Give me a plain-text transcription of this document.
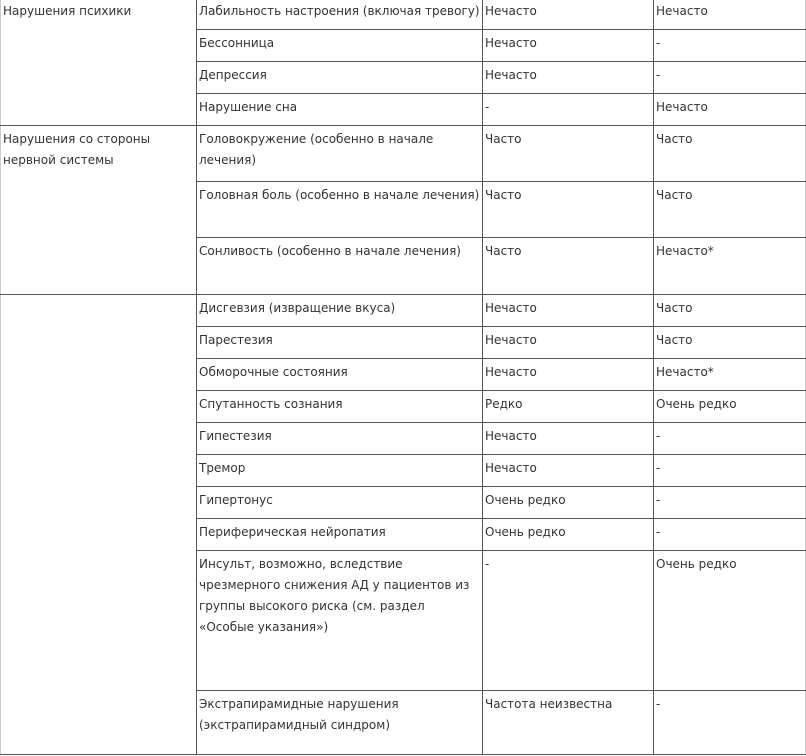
Нарушения психики	Лабильность настроения (включая тревогу)	Нечасто	Нечасто
	Бессонница	Нечасто	-
	Депрессия	Нечасто	-
	Нарушение сна	-	Нечасто
Нарушения со стороны нервной системы	Головокружение (особенно в начале лечения)	Часто	Часто
	Головная боль (особенно в начале лечения)	Часто	Часто
	Сонливость (особенно в начале лечения)	Часто	Нечасто*
	Дисгевзия (извращение вкуса)	Нечасто	Часто
	Парестезия	Нечасто	Часто
	Обморочные состояния	Нечасто	Нечасто*
	Спутанность сознания	Редко	Очень редко
	Гипестезия	Нечасто	-
	Тремор	Нечасто	-
	Гипертонус	Очень редко	-
	Периферическая нейропатия	Очень редко	-
	Инсульт, возможно, вследствие чрезмерного снижения АД у пациентов из группы высокого риска (см. раздел «Особые указания»)	-	Очень редко
	Экстрапирамидные нарушения (экстрапирамидный синдром)	Частота неизвестна	-
